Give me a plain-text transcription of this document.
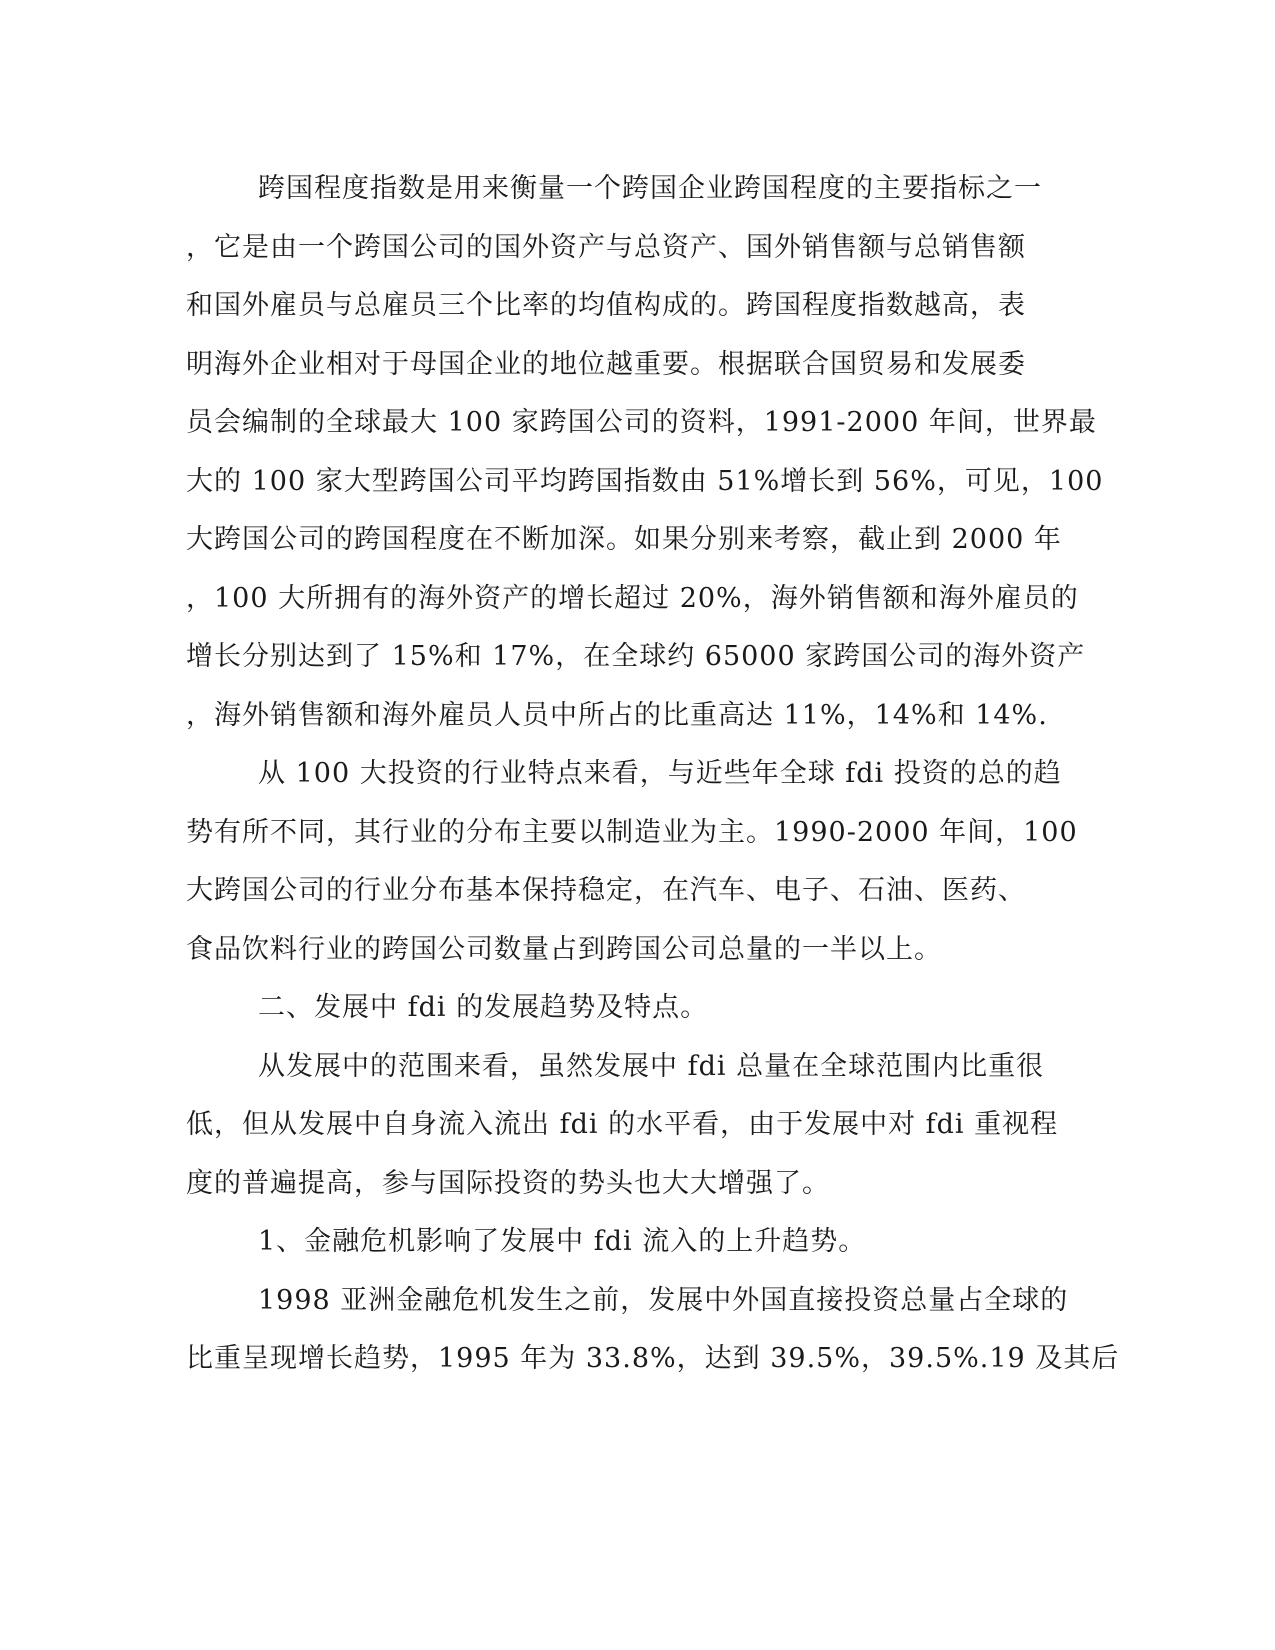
跨国程度指数是用来衡量一个跨国企业跨国程度的主要指标之一
，它是由一个跨国公司的国外资产与总资产、国外销售额与总销售额
和国外雇员与总雇员三个比率的均值构成的。跨国程度指数越高，表
明海外企业相对于母国企业的地位越重要。根据联合国贸易和发展委
员会编制的全球最大 100 家跨国公司的资料，1991-2000 年间，世界最
大的 100 家大型跨国公司平均跨国指数由 51%增长到 56%，可见，100
大跨国公司的跨国程度在不断加深。如果分别来考察，截止到 2000 年
，100 大所拥有的海外资产的增长超过 20%，海外销售额和海外雇员的
增长分别达到了 15%和 17%，在全球约 65000 家跨国公司的海外资产
，海外销售额和海外雇员人员中所占的比重高达 11%，14%和 14%.
从 100 大投资的行业特点来看，与近些年全球 fdi 投资的总的趋
势有所不同，其行业的分布主要以制造业为主。1990-2000 年间，100
大跨国公司的行业分布基本保持稳定，在汽车、电子、石油、医药、
食品饮料行业的跨国公司数量占到跨国公司总量的一半以上。
二、发展中 fdi 的发展趋势及特点。
从发展中的范围来看，虽然发展中 fdi 总量在全球范围内比重很
低，但从发展中自身流入流出 fdi 的水平看，由于发展中对 fdi 重视程
度的普遍提高，参与国际投资的势头也大大增强了。
1、金融危机影响了发展中 fdi 流入的上升趋势。
1998 亚洲金融危机发生之前，发展中外国直接投资总量占全球的
比重呈现增长趋势，1995 年为 33.8%，达到 39.5%，39.5%.19 及其后
